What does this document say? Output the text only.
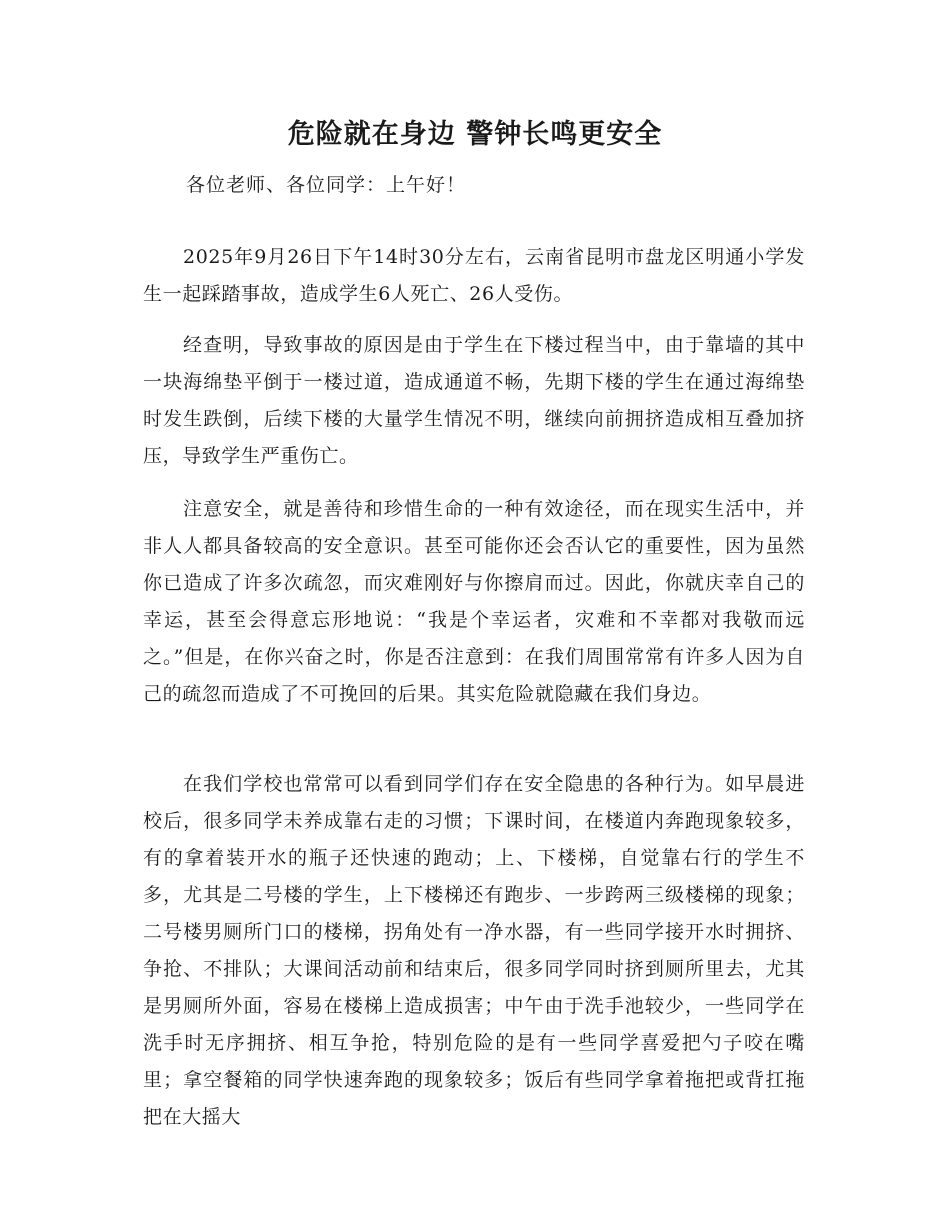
危险就在身边 警钟长鸣更安全
各位老师、各位同学：上午好！

2025年9月26日下午14时30分左右，云南省昆明市盘龙区明通小学发生一起踩踏事故，造成学生6人死亡、26人受伤。

经查明，导致事故的原因是由于学生在下楼过程当中，由于靠墙的其中一块海绵垫平倒于一楼过道，造成通道不畅，先期下楼的学生在通过海绵垫时发生跌倒，后续下楼的大量学生情况不明，继续向前拥挤造成相互叠加挤压，导致学生严重伤亡。

注意安全，就是善待和珍惜生命的一种有效途径，而在现实生活中，并非人人都具备较高的安全意识。甚至可能你还会否认它的重要性，因为虽然你已造成了许多次疏忽，而灾难刚好与你擦肩而过。因此，你就庆幸自己的幸运，甚至会得意忘形地说：“我是个幸运者，灾难和不幸都对我敬而远之。”但是，在你兴奋之时，你是否注意到：在我们周围常常有许多人因为自己的疏忽而造成了不可挽回的后果。其实危险就隐藏在我们身边。

在我们学校也常常可以看到同学们存在安全隐患的各种行为。如早晨进校后，很多同学未养成靠右走的习惯；下课时间，在楼道内奔跑现象较多，有的拿着装开水的瓶子还快速的跑动；上、下楼梯，自觉靠右行的学生不多，尤其是二号楼的学生，上下楼梯还有跑步、一步跨两三级楼梯的现象；二号楼男厕所门口的楼梯，拐角处有一净水器，有一些同学接开水时拥挤、争抢、不排队；大课间活动前和结束后，很多同学同时挤到厕所里去，尤其是男厕所外面，容易在楼梯上造成损害；中午由于洗手池较少，一些同学在洗手时无序拥挤、相互争抢，特别危险的是有一些同学喜爱把勺子咬在嘴里；拿空餐箱的同学快速奔跑的现象较多；饭后有些同学拿着拖把或背扛拖把在大摇大
